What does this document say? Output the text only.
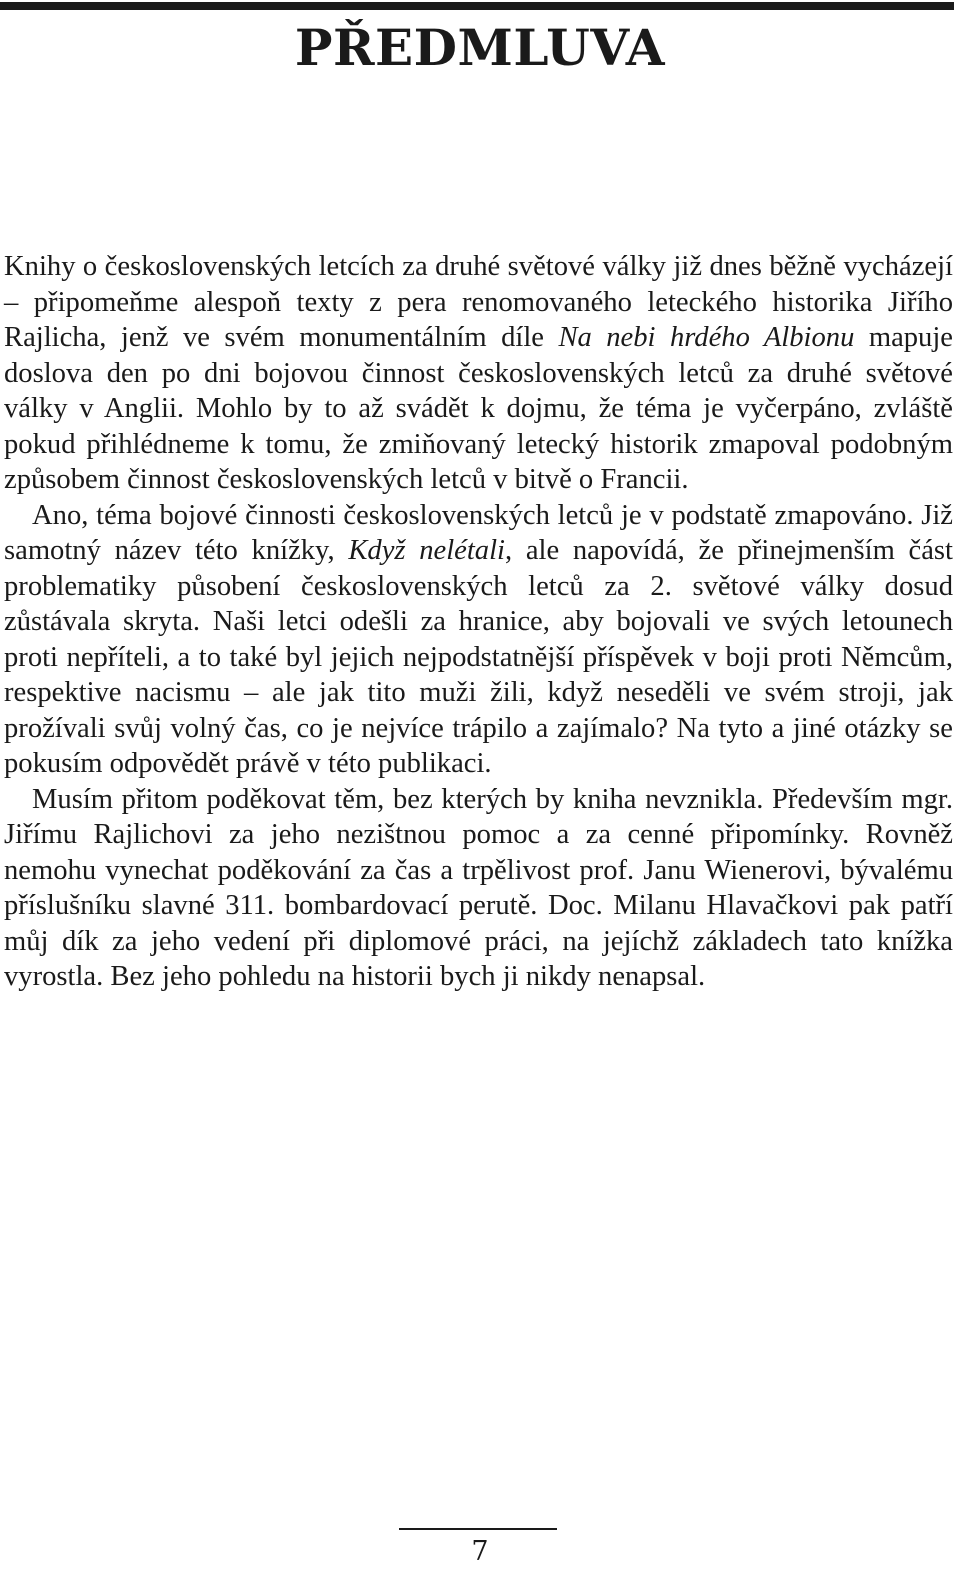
PŘEDMLUVA

Knihy o československých letcích za druhé světové války již dnes běžně vycházejí – připomeňme alespoň texty z pera renomovaného leteckého historika Jiřího Rajlicha, jenž ve svém monumentálním díle Na nebi hrdého Albionu mapuje doslova den po dni bojovou činnost československých letců za druhé světové války v Anglii. Mohlo by to až svádět k dojmu, že téma je vyčerpáno, zvláště pokud přihlédneme k tomu, že zmiňovaný letecký historik zmapoval podobným způsobem činnost československých letců v bitvě o Francii.

Ano, téma bojové činnosti československých letců je v podstatě zmapováno. Již samotný název této knížky, Když nelétali, ale napovídá, že přinejmenším část problematiky působení československých letců za 2. světové války dosud zůstávala skryta. Naši letci odešli za hranice, aby bojovali ve svých letounech proti nepříteli, a to také byl jejich nejpodstatnější příspěvek v boji proti Němcům, respektive nacismu – ale jak tito muži žili, když neseděli ve svém stroji, jak prožívali svůj volný čas, co je nejvíce trápilo a zajímalo? Na tyto a jiné otázky se pokusím odpovědět právě v této publikaci.

Musím přitom poděkovat těm, bez kterých by kniha nevznikla. Především mgr. Jiřímu Rajlichovi za jeho nezištnou pomoc a za cenné připomínky. Rovněž nemohu vynechat poděkování za čas a trpělivost prof. Janu Wienerovi, bývalému příslušníku slavné 311. bombardovací perutě. Doc. Milanu Hlavačkovi pak patří můj dík za jeho vedení při diplomové práci, na jejíchž základech tato knížka vyrostla. Bez jeho pohledu na historii bych ji nikdy nenapsal.

7
